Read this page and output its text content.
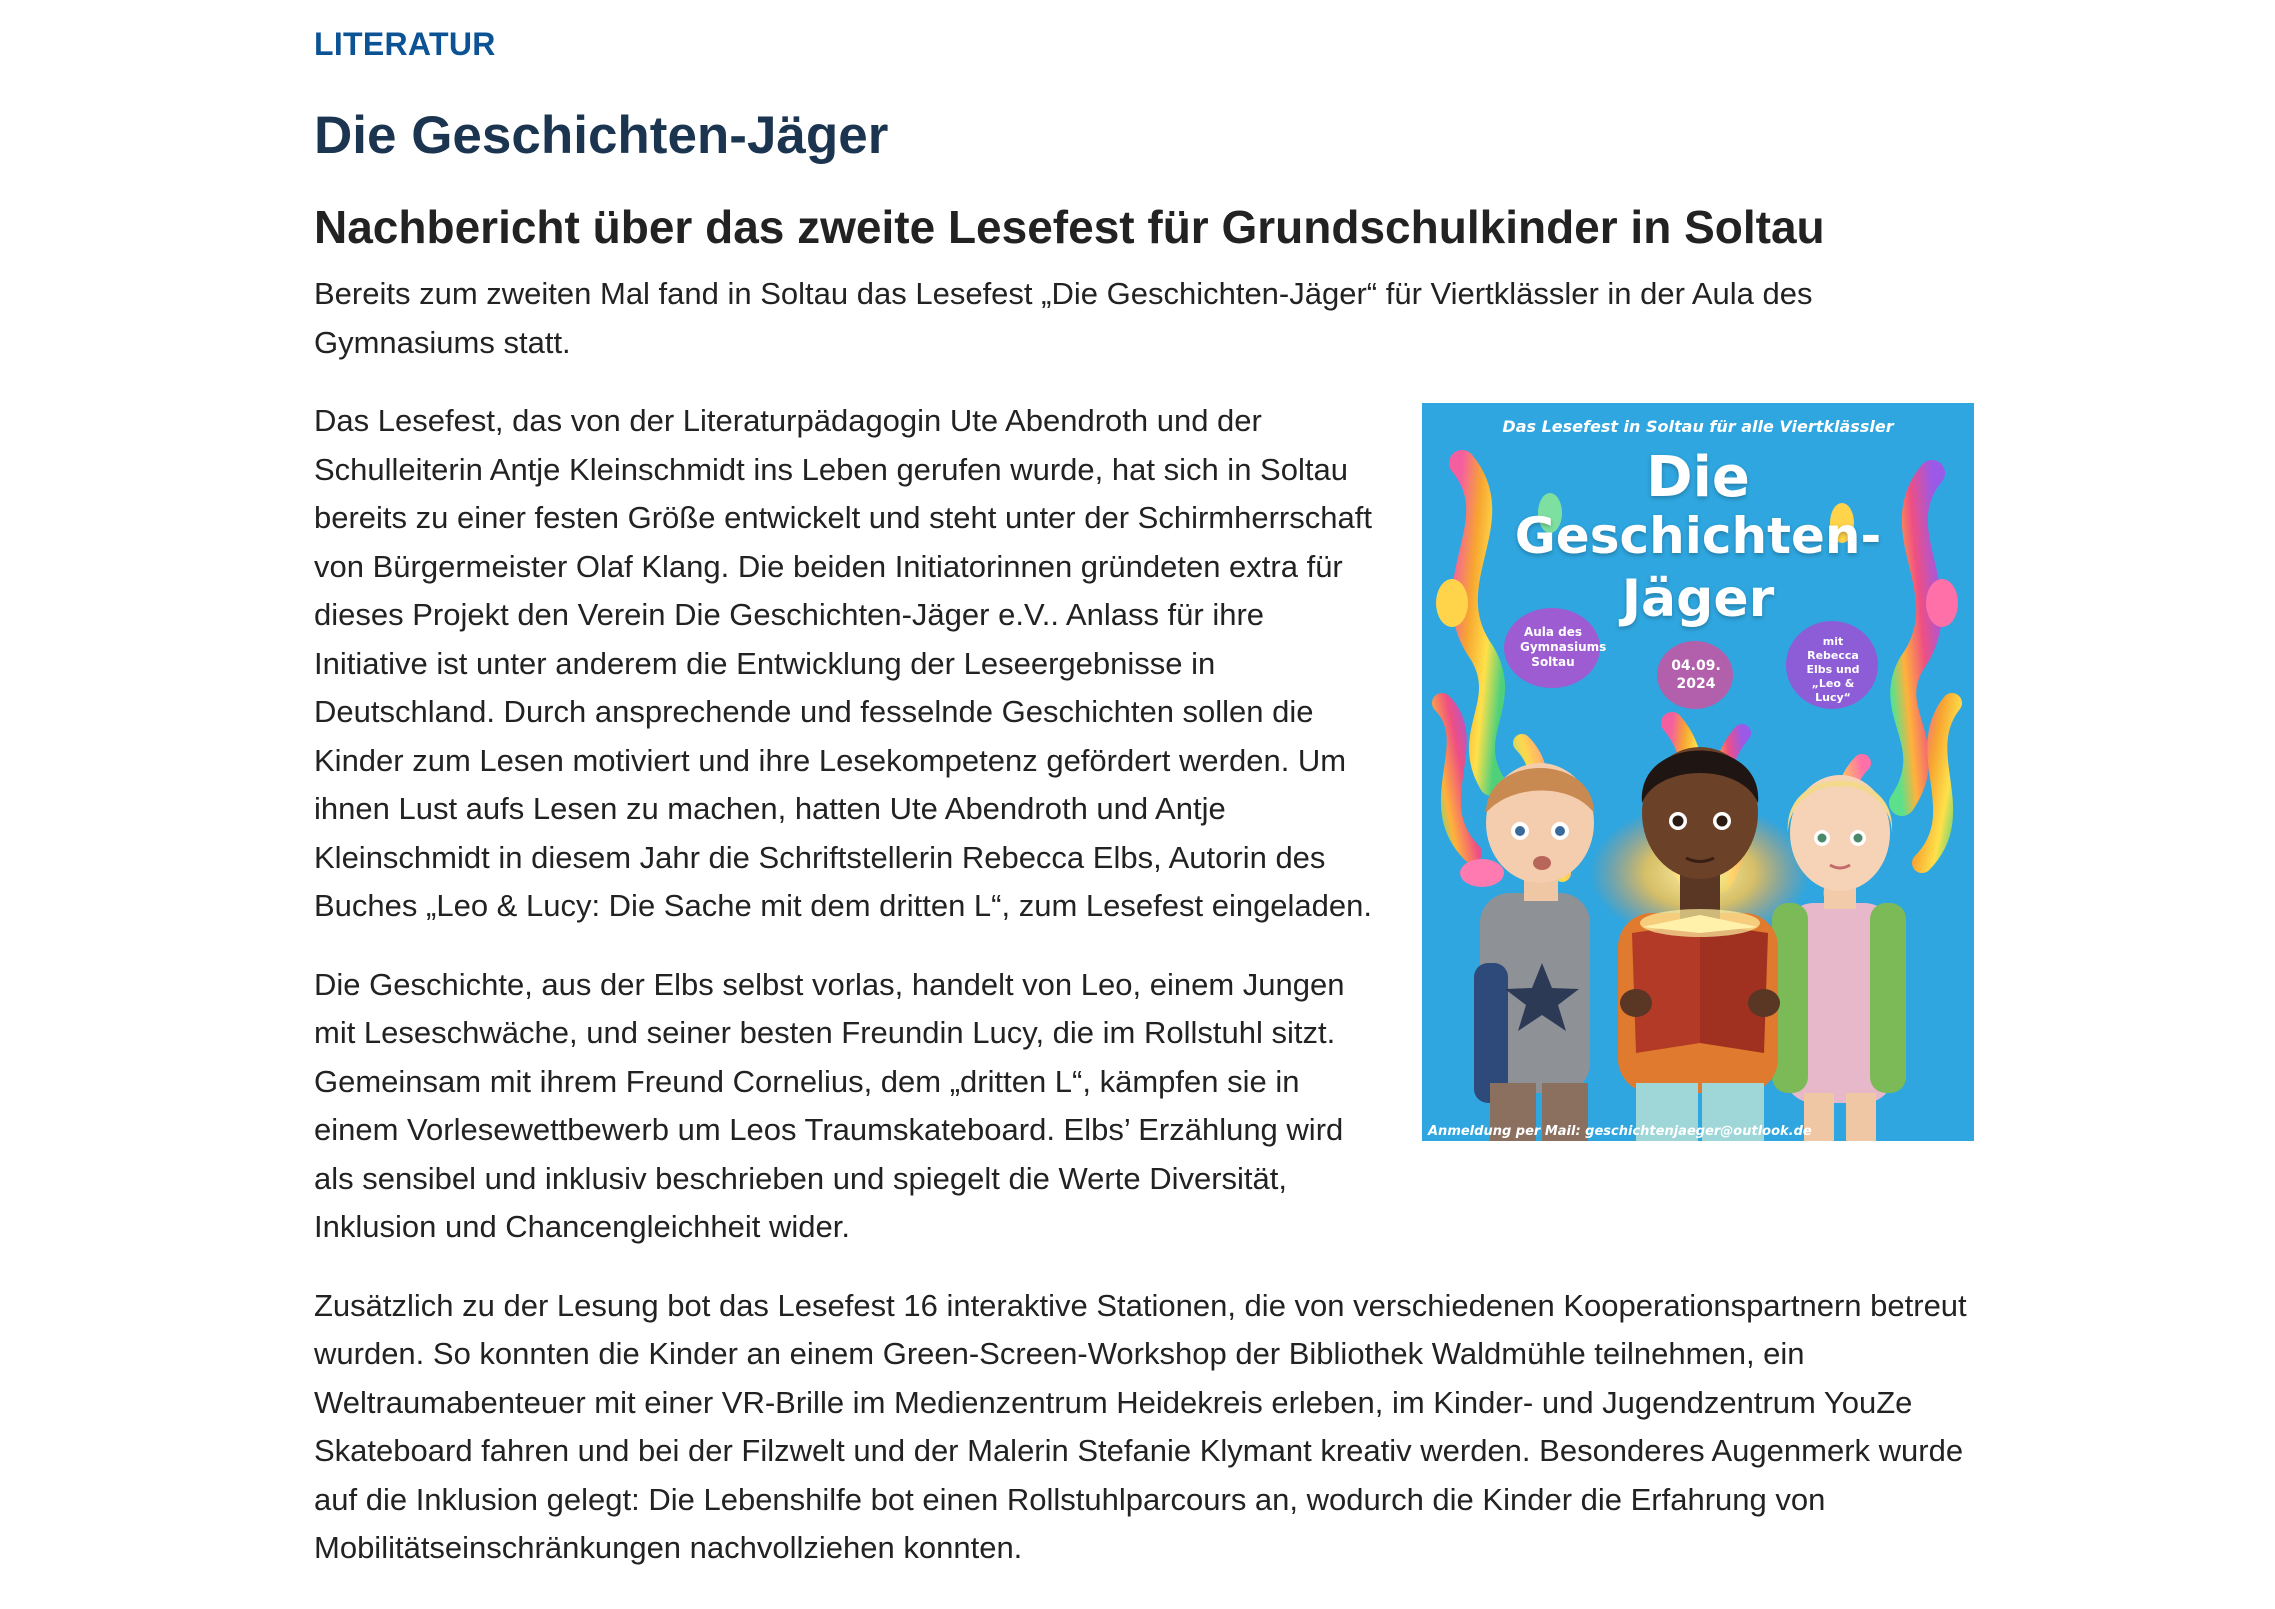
LITERATUR
Die Geschichten-Jäger
Nachbericht über das zweite Lesefest für Grundschulkinder in Soltau

Bereits zum zweiten Mal fand in Soltau das Lesefest „Die Geschichten-Jäger“ für Viertklässler in der Aula des Gymnasiums statt.

Das Lesefest in Soltau für alle Viertklässler
Die
Geschichten-
Jäger
Aula des Gymnasiums Soltau	04.09. 2024
mit Rebecca Elbs und „Leo & Lucy“
Anmeldung per Mail: geschichtenjaeger@outlook.de

Das Lesefest, das von der Literaturpädagogin Ute Abendroth und der Schulleiterin Antje Kleinschmidt ins Leben gerufen wurde, hat sich in Soltau bereits zu einer festen Größe entwickelt und steht unter der Schirmherrschaft von Bürgermeister Olaf Klang. Die beiden Initiatorinnen gründeten extra für dieses Projekt den Verein Die Geschichten-Jäger e.V.. Anlass für ihre Initiative ist unter anderem die Entwicklung der Leseergebnisse in Deutschland. Durch ansprechende und fesselnde Geschichten sollen die Kinder zum Lesen motiviert und ihre Lesekompetenz gefördert werden. Um ihnen Lust aufs Lesen zu machen, hatten Ute Abendroth und Antje Kleinschmidt in diesem Jahr die Schriftstellerin Rebecca Elbs, Autorin des Buches „Leo & Lucy: Die Sache mit dem dritten L“, zum Lesefest eingeladen.

Die Geschichte, aus der Elbs selbst vorlas, handelt von Leo, einem Jungen mit Leseschwäche, und seiner besten Freundin Lucy, die im Rollstuhl sitzt. Gemeinsam mit ihrem Freund Cornelius, dem „dritten L“, kämpfen sie in einem Vorlesewettbewerb um Leos Traumskateboard. Elbs’ Erzählung wird als sensibel und inklusiv beschrieben und spiegelt die Werte Diversität, Inklusion und Chancengleichheit wider.

Zusätzlich zu der Lesung bot das Lesefest 16 interaktive Stationen, die von verschiedenen Kooperationspartnern betreut wurden. So konnten die Kinder an einem Green-Screen-Workshop der Bibliothek Waldmühle teilnehmen, ein Weltraumabenteuer mit einer VR-Brille im Medienzentrum Heidekreis erleben, im Kinder- und Jugendzentrum YouZe Skateboard fahren und bei der Filzwelt und der Malerin Stefanie Klymant kreativ werden. Besonderes Augenmerk wurde auf die Inklusion gelegt: Die Lebenshilfe bot einen Rollstuhlparcours an, wodurch die Kinder die Erfahrung von Mobilitätseinschränkungen nachvollziehen konnten.
